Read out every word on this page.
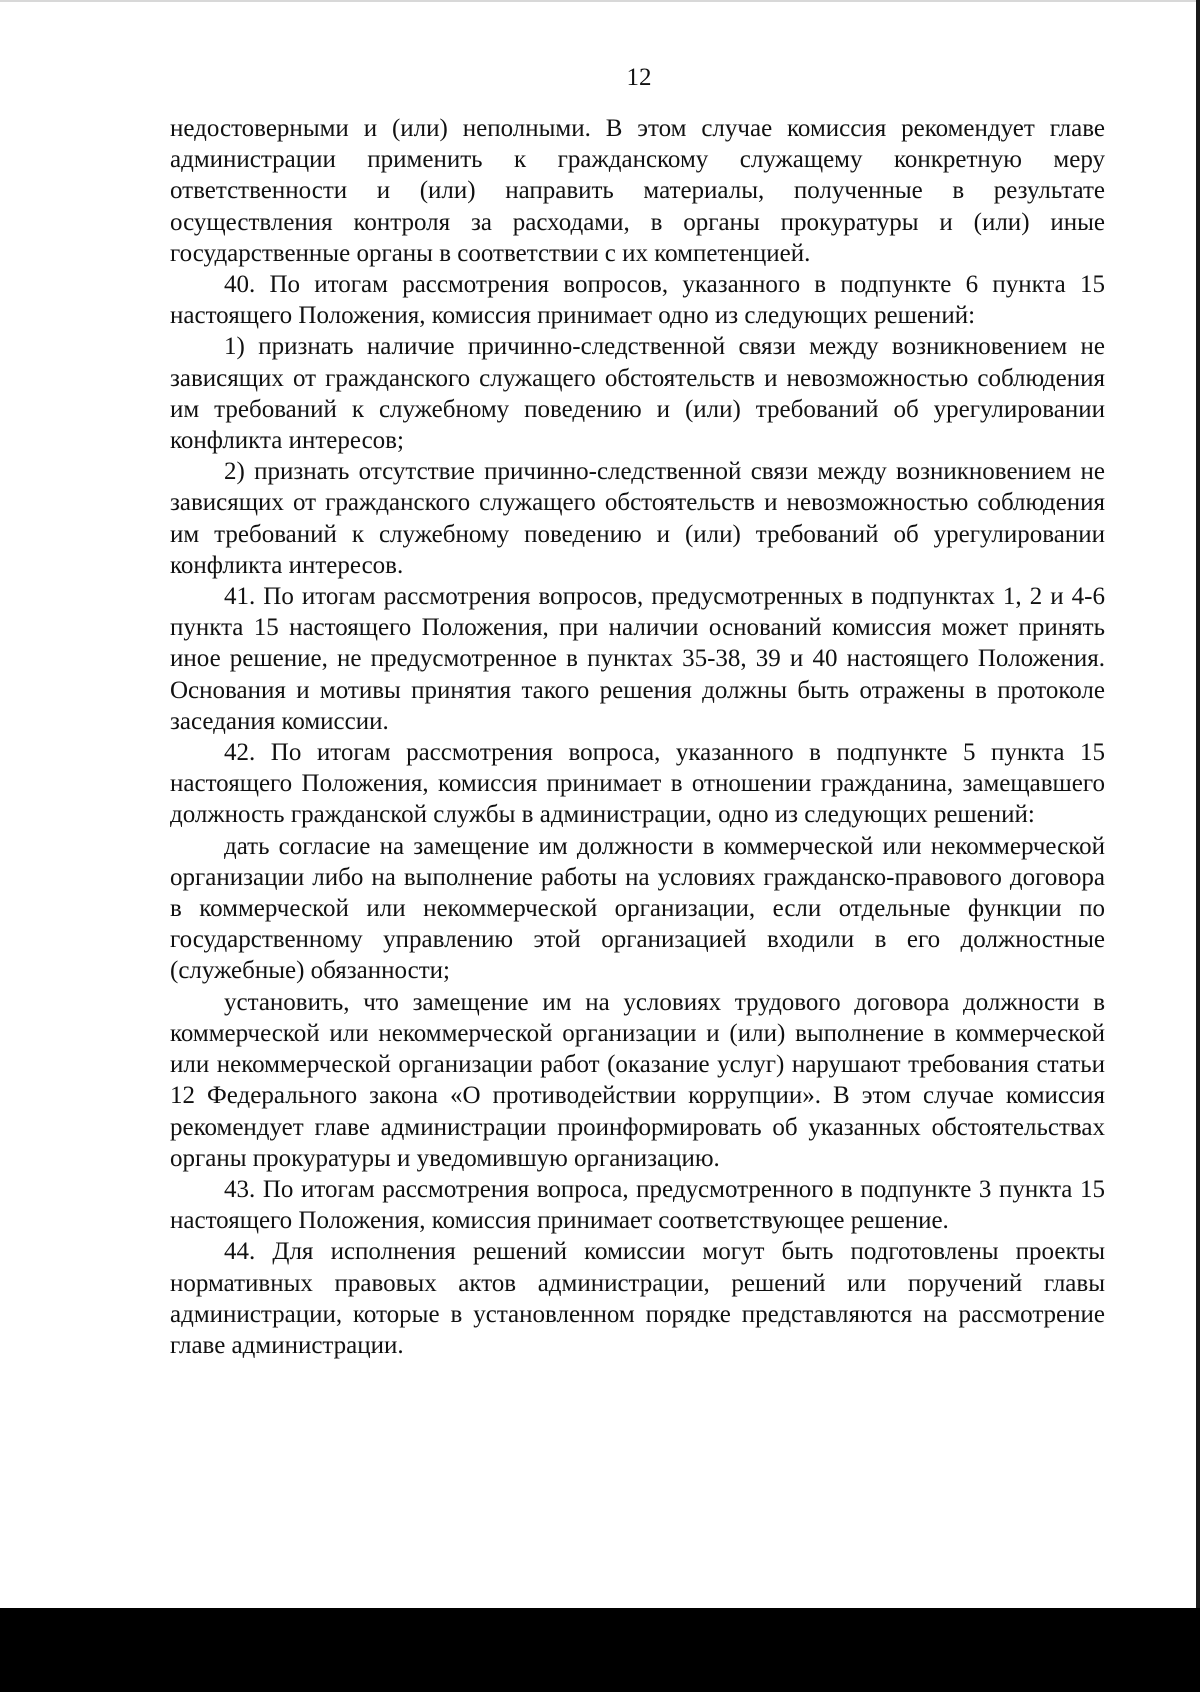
12

недостоверными и (или) неполными. В этом случае комиссия рекомендует главе администрации применить к гражданскому служащему конкретную меру ответственности и (или) направить материалы, полученные в результате осуществления контроля за расходами, в органы прокуратуры и (или) иные государственные органы в соответствии с их компетенцией.

40. По итогам рассмотрения вопросов, указанного в подпункте 6 пункта 15 настоящего Положения, комиссия принимает одно из следующих решений:

1) признать наличие причинно-следственной связи между возникновением не зависящих от гражданского служащего обстоятельств и невозможностью соблюдения им требований к служебному поведению и (или) требований об урегулировании конфликта интересов;

2) признать отсутствие причинно-следственной связи между возникновением не зависящих от гражданского служащего обстоятельств и невозможностью соблюдения им требований к служебному поведению и (или) требований об урегулировании конфликта интересов.

41. По итогам рассмотрения вопросов, предусмотренных в подпунктах 1, 2 и 4-6 пункта 15 настоящего Положения, при наличии оснований комиссия может принять иное решение, не предусмотренное в пунктах 35-38, 39 и 40 настоящего Положения. Основания и мотивы принятия такого решения должны быть отражены в протоколе заседания комиссии.

42. По итогам рассмотрения вопроса, указанного в подпункте 5 пункта 15 настоящего Положения, комиссия принимает в отношении гражданина, замещавшего должность гражданской службы в администрации, одно из следующих решений:

дать согласие на замещение им должности в коммерческой или некоммерческой организации либо на выполнение работы на условиях гражданско-правового договора в коммерческой или некоммерческой организации, если отдельные функции по государственному управлению этой организацией входили в его должностные (служебные) обязанности;

установить, что замещение им на условиях трудового договора должности в коммерческой или некоммерческой организации и (или) выполнение в коммерческой или некоммерческой организации работ (оказание услуг) нарушают требования статьи 12 Федерального закона «О противодействии коррупции». В этом случае комиссия рекомендует главе администрации проинформировать об указанных обстоятельствах органы прокуратуры и уведомившую организацию.

43. По итогам рассмотрения вопроса, предусмотренного в подпункте 3 пункта 15 настоящего Положения, комиссия принимает соответствующее решение.

44. Для исполнения решений комиссии могут быть подготовлены проекты нормативных правовых актов администрации, решений или поручений главы администрации, которые в установленном порядке представляются на рассмотрение главе администрации.
